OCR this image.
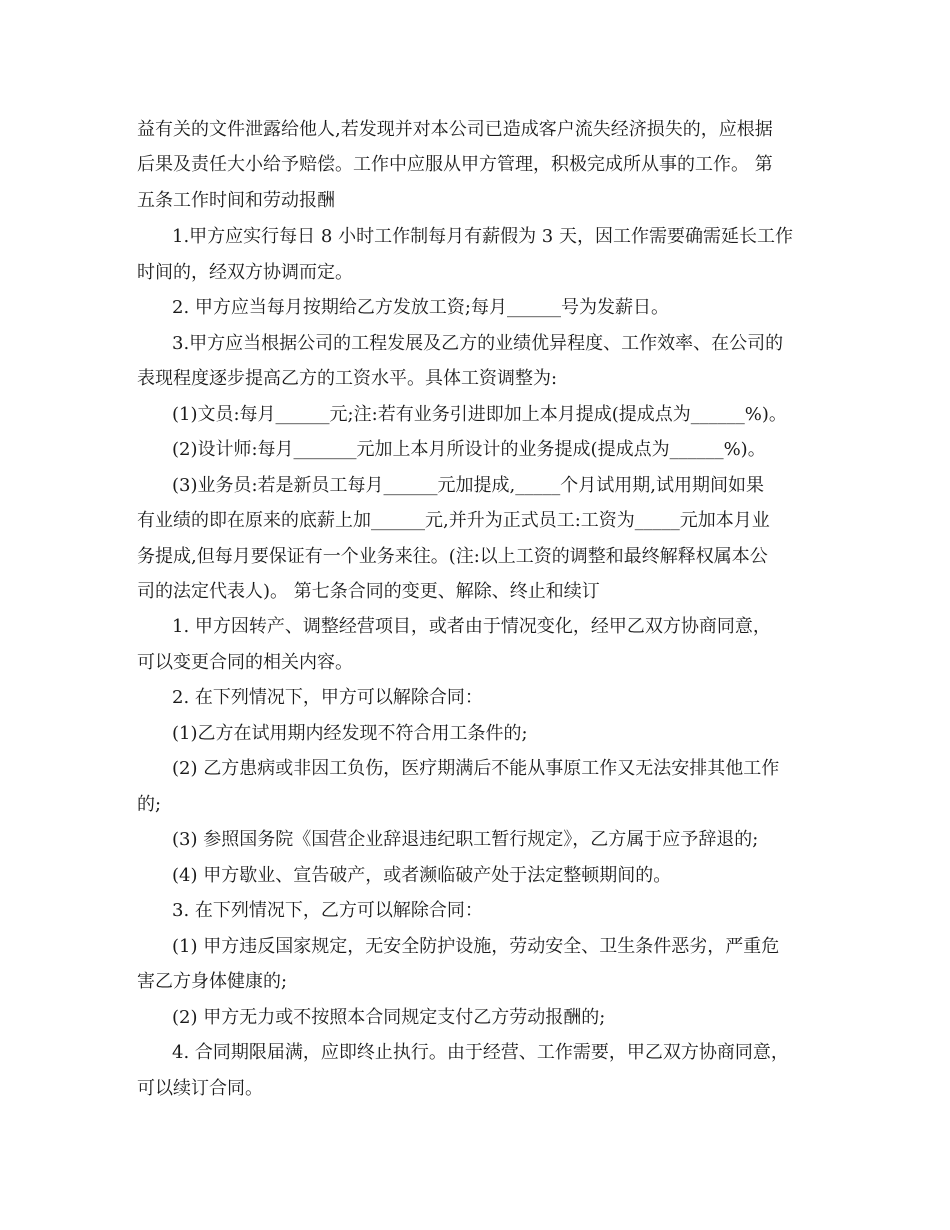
益有关的文件泄露给他人,若发现并对本公司已造成客户流失经济损失的，应根据
后果及责任大小给予赔偿。工作中应服从甲方管理，积极完成所从事的工作。 第
五条工作时间和劳动报酬
1.甲方应实行每日 8 小时工作制每月有薪假为 3 天，因工作需要确需延长工作
时间的，经双方协调而定。
2. 甲方应当每月按期给乙方发放工资;每月______号为发薪日。
3.甲方应当根据公司的工程发展及乙方的业绩优异程度、工作效率、在公司的
表现程度逐步提高乙方的工资水平。具体工资调整为:
(1)文员:每月______元;注:若有业务引进即加上本月提成(提成点为______%)。
(2)设计师:每月_______元加上本月所设计的业务提成(提成点为______%)。
(3)业务员:若是新员工每月______元加提成,_____个月试用期,试用期间如果
有业绩的即在原来的底薪上加______元,并升为正式员工:工资为_____元加本月业
务提成,但每月要保证有一个业务来往。(注:以上工资的调整和最终解释权属本公
司的法定代表人)。 第七条合同的变更、解除、终止和续订
1. 甲方因转产、调整经营项目，或者由于情况变化，经甲乙双方协商同意，
可以变更合同的相关内容。
2. 在下列情况下，甲方可以解除合同：
(1)乙方在试用期内经发现不符合用工条件的;
(2) 乙方患病或非因工负伤，医疗期满后不能从事原工作又无法安排其他工作
的;
(3) 参照国务院《国营企业辞退违纪职工暂行规定》，乙方属于应予辞退的;
(4) 甲方歇业、宣告破产，或者濒临破产处于法定整顿期间的。
3. 在下列情况下，乙方可以解除合同：
(1) 甲方违反国家规定，无安全防护设施，劳动安全、卫生条件恶劣，严重危
害乙方身体健康的;
(2) 甲方无力或不按照本合同规定支付乙方劳动报酬的;
4. 合同期限届满，应即终止执行。由于经营、工作需要，甲乙双方协商同意，
可以续订合同。
